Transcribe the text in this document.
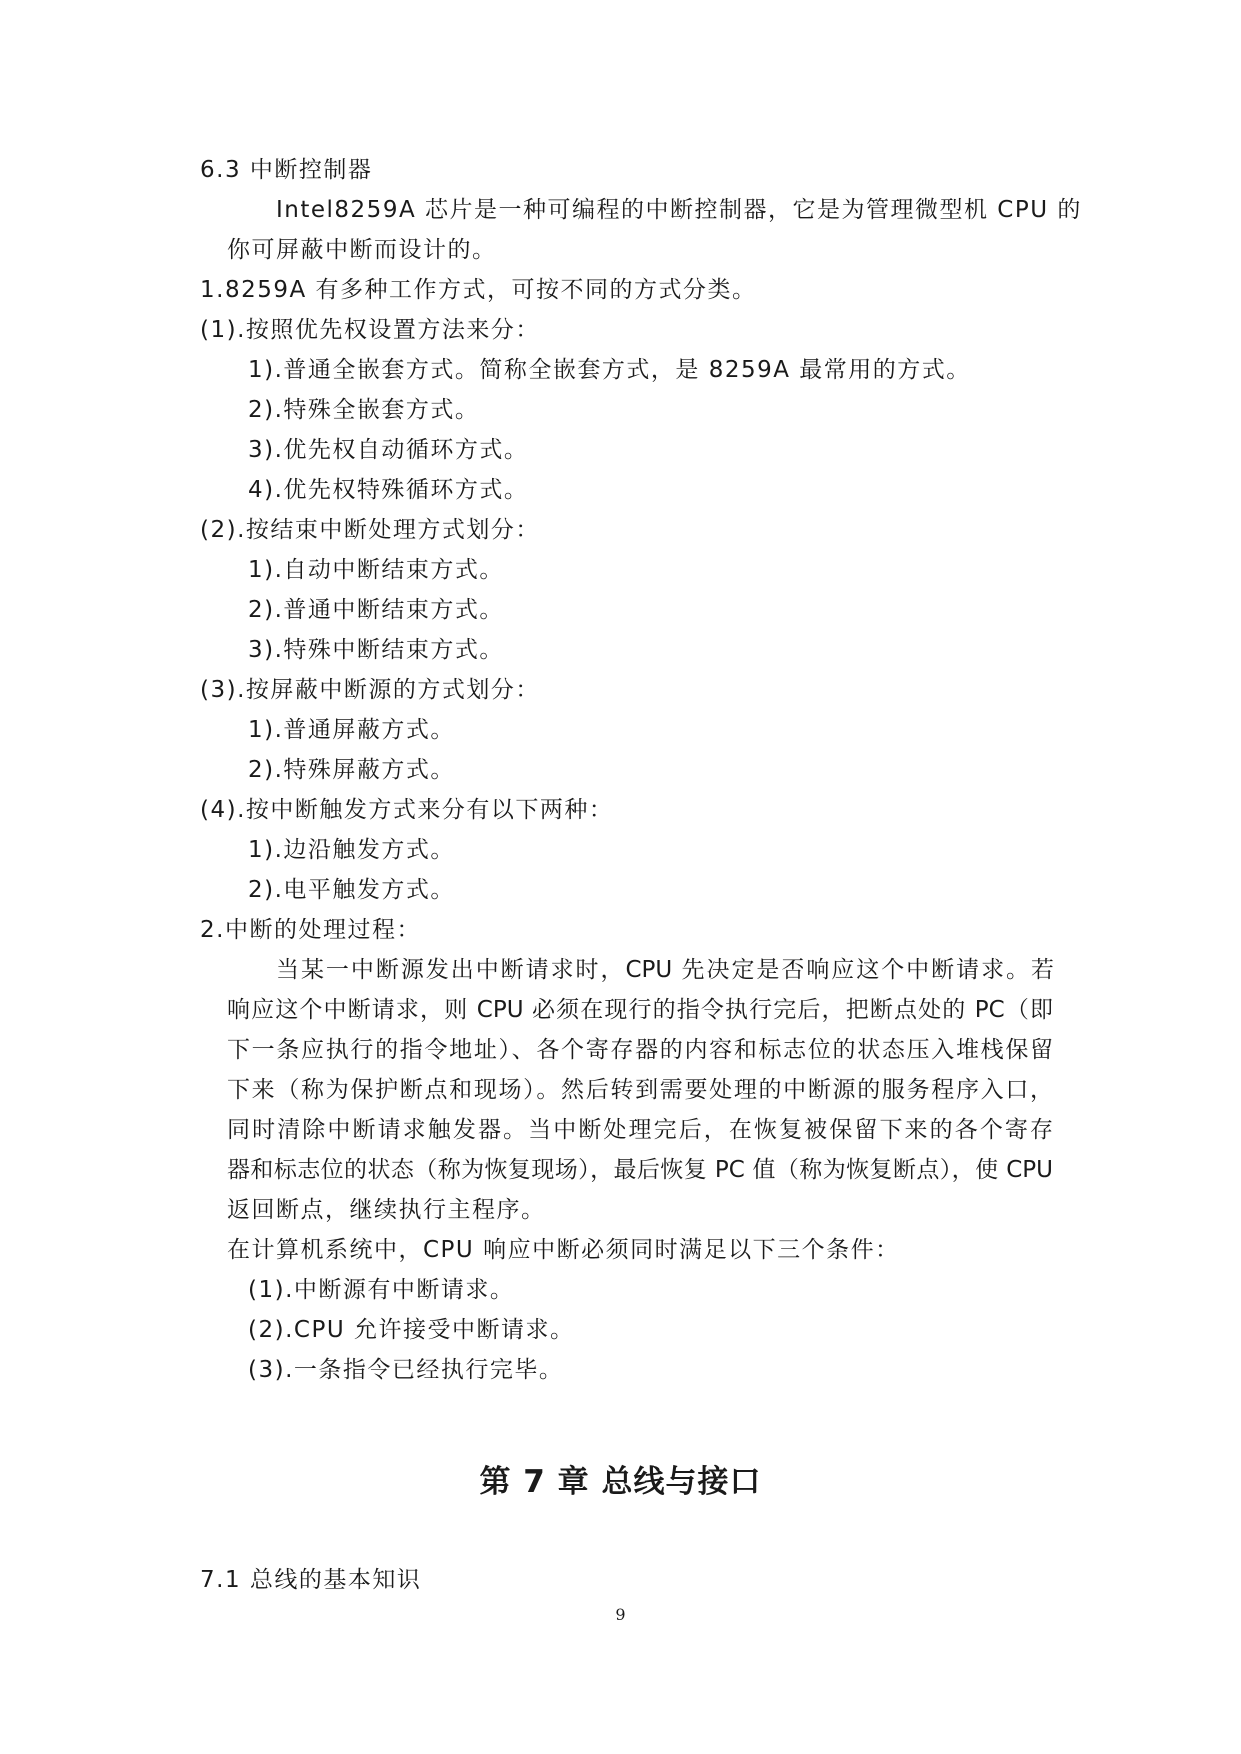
6.3 中断控制器
Intel8259A 芯片是一种可编程的中断控制器，它是为管理微型机 CPU 的
你可屏蔽中断而设计的。
1.8259A 有多种工作方式，可按不同的方式分类。
(1).按照优先权设置方法来分：
1).普通全嵌套方式。简称全嵌套方式，是 8259A 最常用的方式。
2).特殊全嵌套方式。
3).优先权自动循环方式。
4).优先权特殊循环方式。
(2).按结束中断处理方式划分：
1).自动中断结束方式。
2).普通中断结束方式。
3).特殊中断结束方式。
(3).按屏蔽中断源的方式划分：
1).普通屏蔽方式。
2).特殊屏蔽方式。
(4).按中断触发方式来分有以下两种：
1).边沿触发方式。
2).电平触发方式。
2.中断的处理过程：
当某一中断源发出中断请求时，CPU 先决定是否响应这个中断请求。若
响应这个中断请求，则 CPU 必须在现行的指令执行完后，把断点处的 PC（即
下一条应执行的指令地址）、各个寄存器的内容和标志位的状态压入堆栈保留
下来（称为保护断点和现场）。然后转到需要处理的中断源的服务程序入口，
同时清除中断请求触发器。当中断处理完后，在恢复被保留下来的各个寄存
器和标志位的状态（称为恢复现场），最后恢复 PC 值（称为恢复断点），使 CPU
返回断点，继续执行主程序。
在计算机系统中，CPU 响应中断必须同时满足以下三个条件：
(1).中断源有中断请求。
(2).CPU 允许接受中断请求。
(3).一条指令已经执行完毕。
第 7 章 总线与接口
7.1 总线的基本知识
9
